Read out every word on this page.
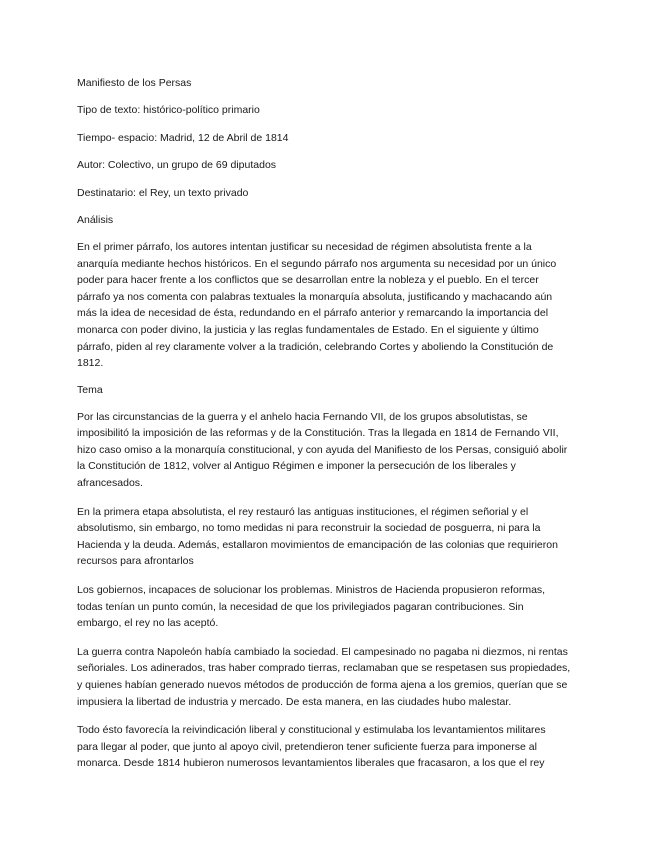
Manifiesto de los Persas

Tipo de texto: histórico-político primario

Tiempo- espacio: Madrid, 12 de Abril de 1814

Autor: Colectivo, un grupo de 69 diputados

Destinatario: el Rey, un texto privado

Análisis

En el primer párrafo, los autores intentan justificar su necesidad de régimen absolutista frente a la
anarquía mediante hechos históricos. En el segundo párrafo nos argumenta su necesidad por un único
poder para hacer frente a los conflictos que se desarrollan entre la nobleza y el pueblo. En el tercer
párrafo ya nos comenta con palabras textuales la monarquía absoluta, justificando y machacando aún
más la idea de necesidad de ésta, redundando en el párrafo anterior y remarcando la importancia del
monarca con poder divino, la justicia y las reglas fundamentales de Estado. En el siguiente y último
párrafo, piden al rey claramente volver a la tradición, celebrando Cortes y aboliendo la Constitución de
1812.

Tema

Por las circunstancias de la guerra y el anhelo hacia Fernando VII, de los grupos absolutistas, se
imposibilitó la imposición de las reformas y de la Constitución. Tras la llegada en 1814 de Fernando VII,
hizo caso omiso a la monarquía constitucional, y con ayuda del Manifiesto de los Persas, consiguió abolir
la Constitución de 1812, volver al Antiguo Régimen e imponer la persecución de los liberales y
afrancesados.

En la primera etapa absolutista, el rey restauró las antiguas instituciones, el régimen señorial y el
absolutismo, sin embargo, no tomo medidas ni para reconstruir la sociedad de posguerra, ni para la
Hacienda y la deuda. Además, estallaron movimientos de emancipación de las colonias que requirieron
recursos para afrontarlos

Los gobiernos, incapaces de solucionar los problemas. Ministros de Hacienda propusieron reformas,
todas tenían un punto común, la necesidad de que los privilegiados pagaran contribuciones. Sin
embargo, el rey no las aceptó.

La guerra contra Napoleón había cambiado la sociedad. El campesinado no pagaba ni diezmos, ni rentas
señoriales. Los adinerados, tras haber comprado tierras, reclamaban que se respetasen sus propiedades,
y quienes habían generado nuevos métodos de producción de forma ajena a los gremios, querían que se
impusiera la libertad de industria y mercado. De esta manera, en las ciudades hubo malestar.

Todo ésto favorecía la reivindicación liberal y constitucional y estimulaba los levantamientos militares
para llegar al poder, que junto al apoyo civil, pretendieron tener suficiente fuerza para imponerse al
monarca. Desde 1814 hubieron numerosos levantamientos liberales que fracasaron, a los que el rey
